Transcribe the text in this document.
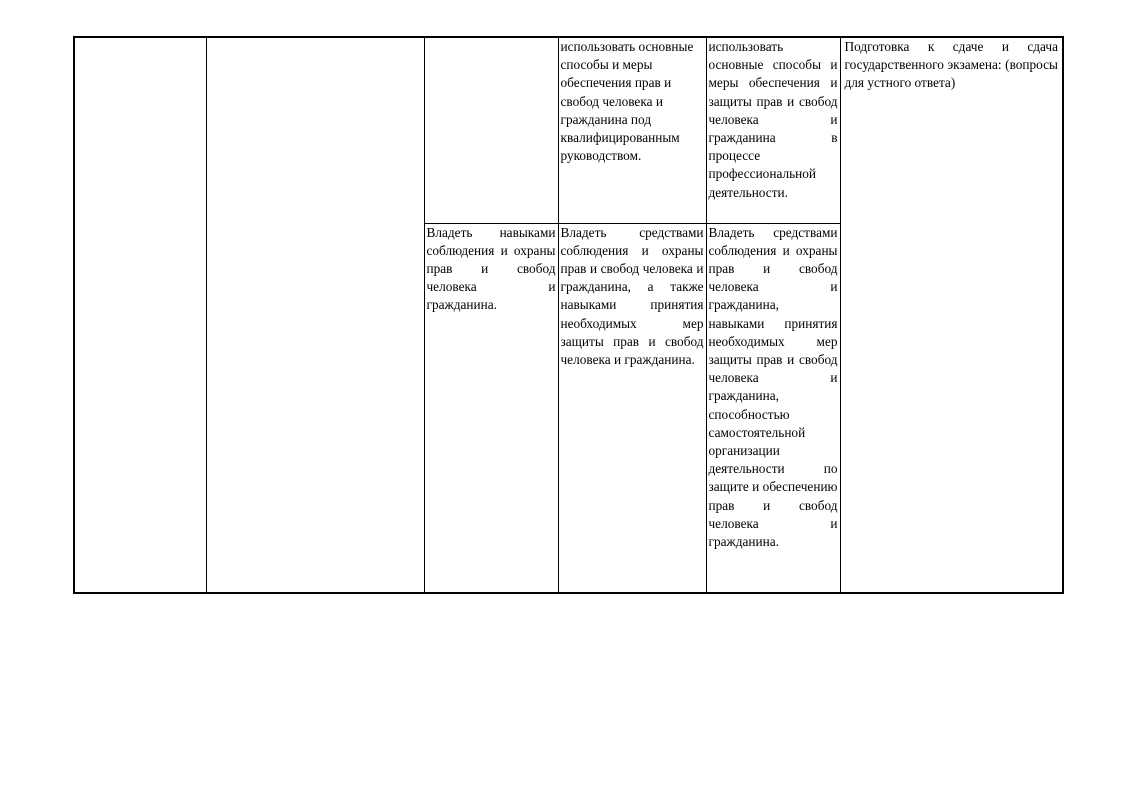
			использовать основные способы и меры обеспечения прав и свобод человека и гражданина под квалифицированным руководством.	использовать основные способы и меры обеспечения и защиты прав и свобод человека и гражданина в процессе профессиональной деятельности.	Подготовка к сдаче и сдача государственного экзамена: (вопросы для устного ответа)

		Владеть навыками соблюдения и охраны прав и свобод человека и гражданина.	Владеть средствами соблюдения и охраны прав и свобод человека и гражданина, а также навыками принятия необходимых мер защиты прав и свобод человека и гражданина.	Владеть средствами соблюдения и охраны прав и свобод человека и гражданина, навыками принятия необходимых мер защиты прав и свобод человека и гражданина, способностью самостоятельной организации деятельности по защите и обеспечению прав и свобод человека и гражданина.	
